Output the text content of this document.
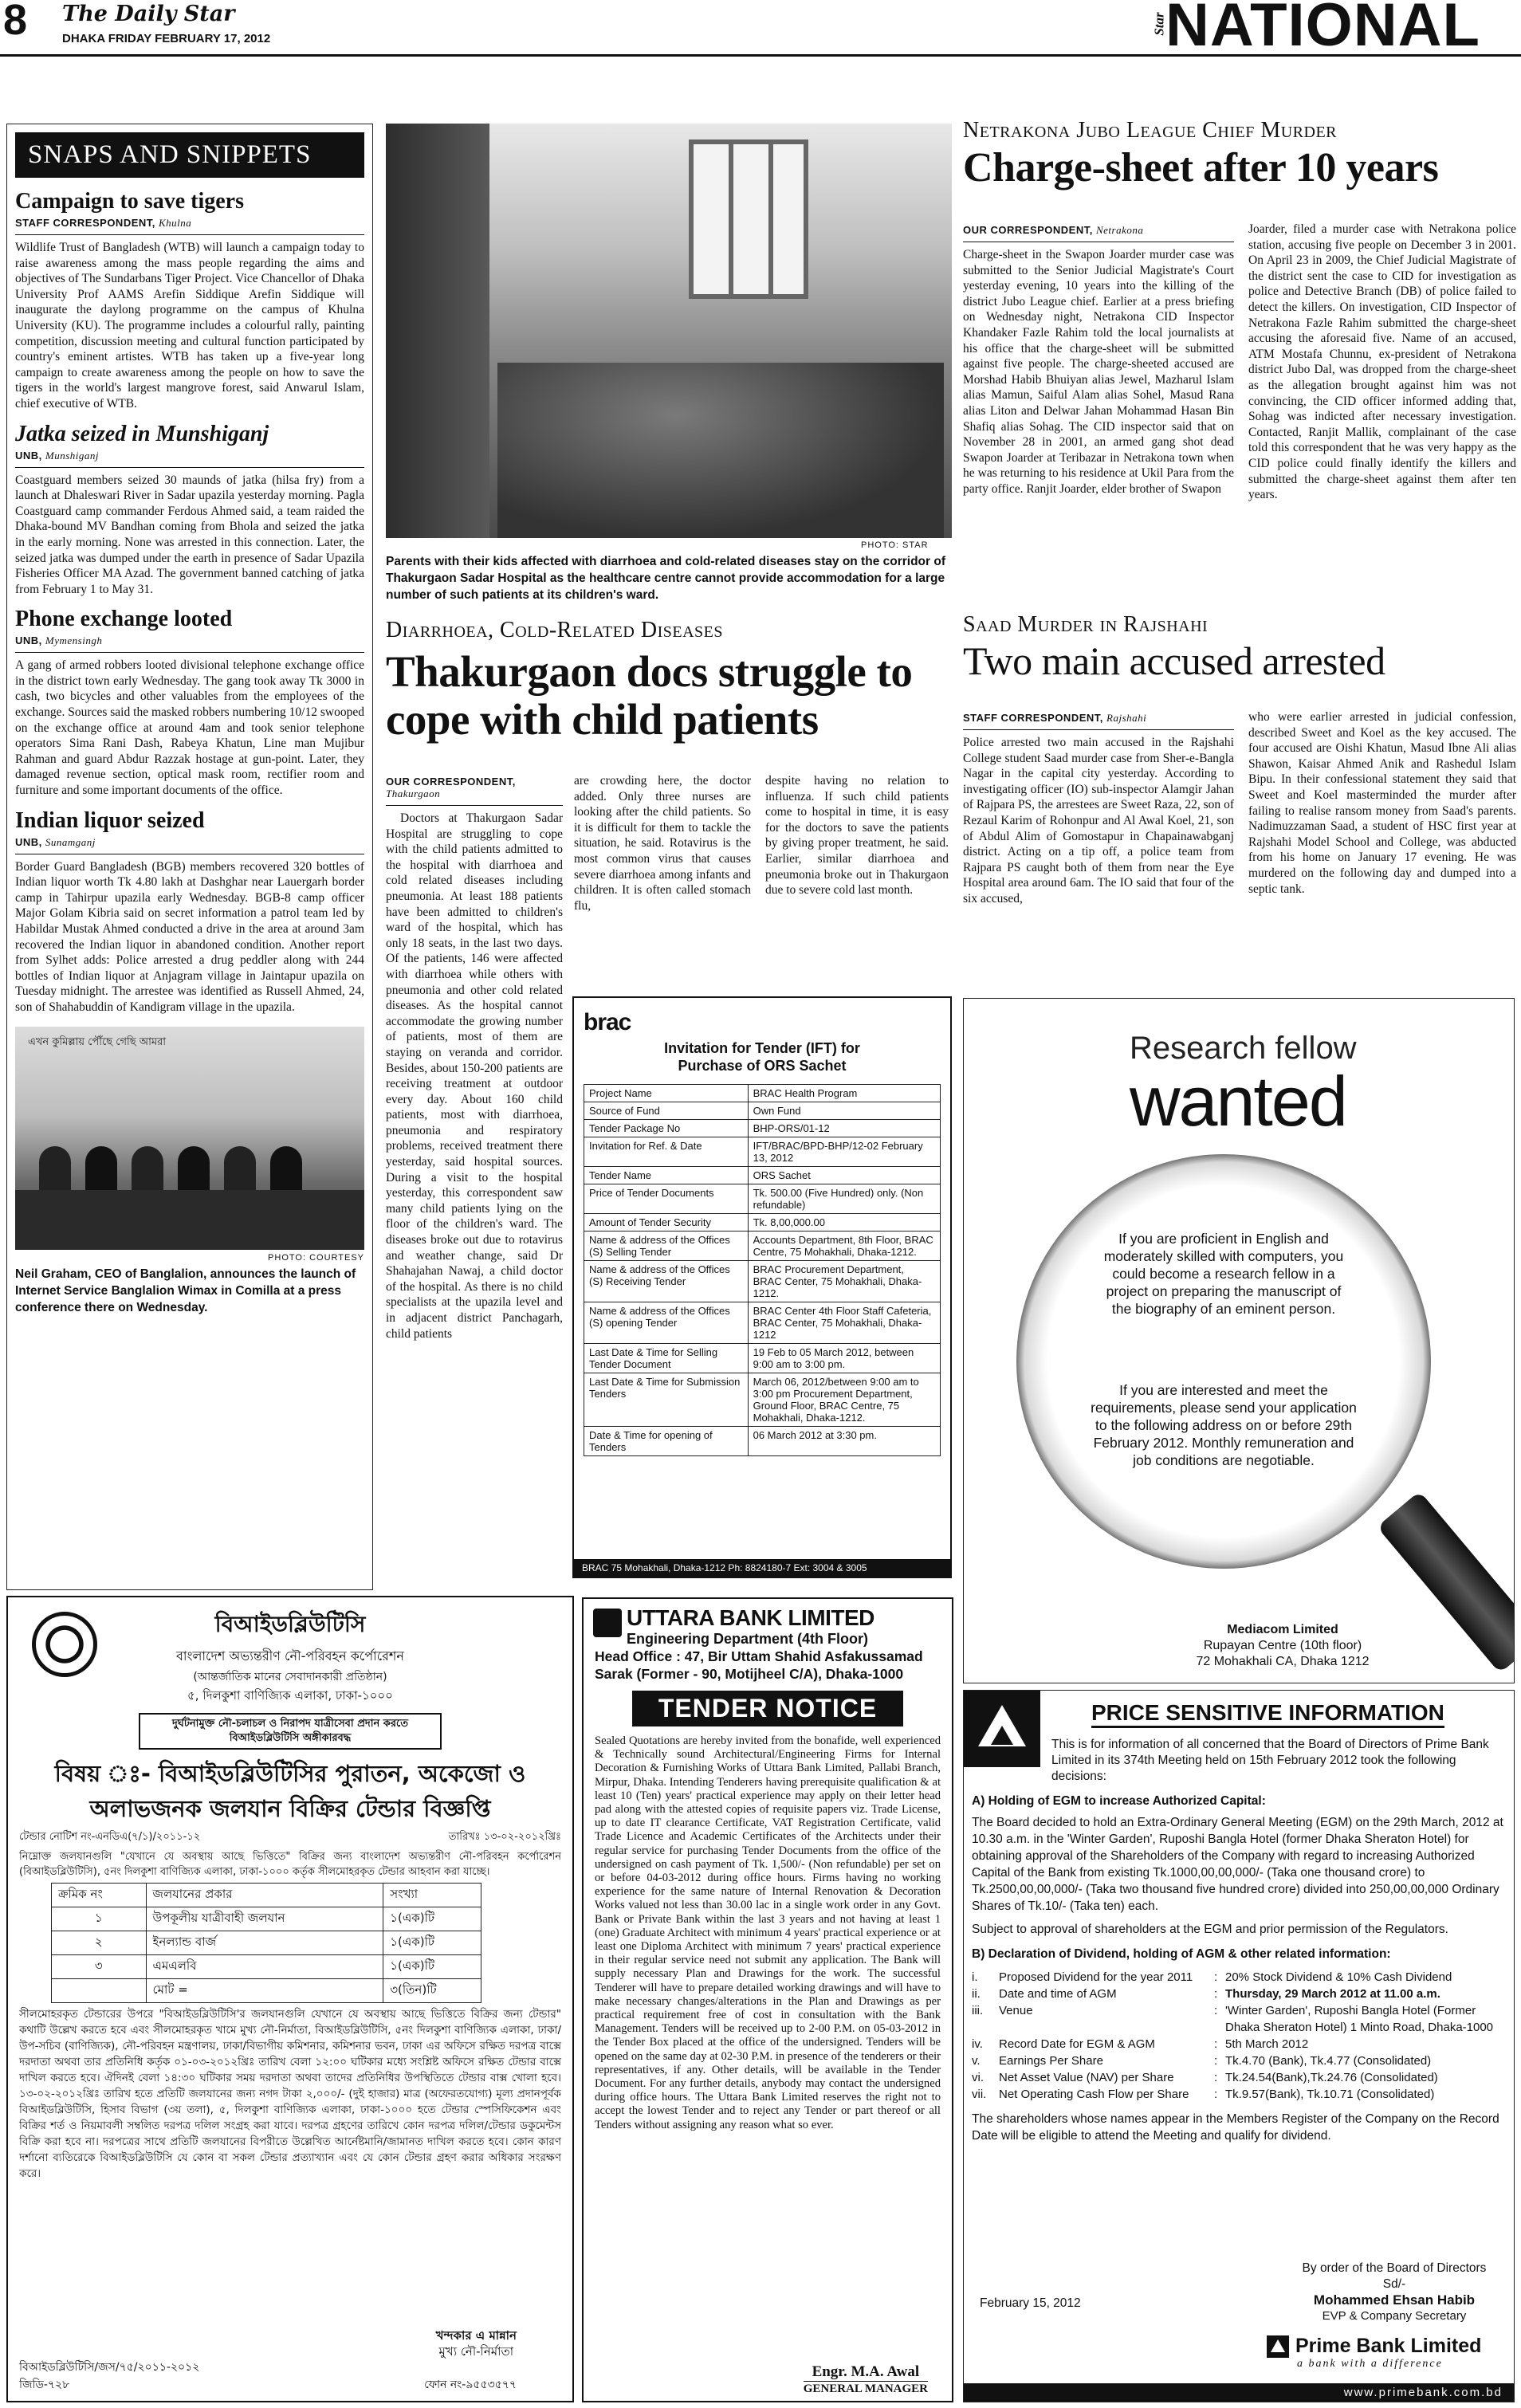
8 The Daily Star
DHAKA FRIDAY FEBRUARY 17, 2012
Star
NATIONAL
SNAPS AND SNIPPETS
Campaign to save tigers
STAFF CORRESPONDENT, Khulna

Wildlife Trust of Bangladesh (WTB) will launch a campaign today to raise awareness among the mass people regarding the aims and objectives of The Sundarbans Tiger Project. Vice Chancellor of Dhaka University Prof AAMS Arefin Siddique Arefin Siddique will inaugurate the daylong programme on the campus of Khulna University (KU). The programme includes a colourful rally, painting competition, discussion meeting and cultural function participated by country's eminent artistes. WTB has taken up a five-year long campaign to create awareness among the people on how to save the tigers in the world's largest mangrove forest, said Anwarul Islam, chief executive of WTB.

Jatka seized in Munshiganj
UNB, Munshiganj

Coastguard members seized 30 maunds of jatka (hilsa fry) from a launch at Dhaleswari River in Sadar upazila yesterday morning. Pagla Coastguard camp commander Ferdous Ahmed said, a team raided the Dhaka-bound MV Bandhan coming from Bhola and seized the jatka in the early morning. None was arrested in this connection. Later, the seized jatka was dumped under the earth in presence of Sadar Upazila Fisheries Officer MA Azad. The government banned catching of jatka from February 1 to May 31.

Phone exchange looted
UNB, Mymensingh

A gang of armed robbers looted divisional telephone exchange office in the district town early Wednesday. The gang took away Tk 3000 in cash, two bicycles and other valuables from the employees of the exchange. Sources said the masked robbers numbering 10/12 swooped on the exchange office at around 4am and took senior telephone operators Sima Rani Dash, Rabeya Khatun, Line man Mujibur Rahman and guard Abdur Razzak hostage at gun-point. Later, they damaged revenue section, optical mask room, rectifier room and furniture and some important documents of the office.

Indian liquor seized
UNB, Sunamganj

Border Guard Bangladesh (BGB) members recovered 320 bottles of Indian liquor worth Tk 4.80 lakh at Dashghar near Lauergarh border camp in Tahirpur upazila early Wednesday. BGB-8 camp officer Major Golam Kibria said on secret information a patrol team led by Habildar Mustak Ahmed conducted a drive in the area at around 3am recovered the Indian liquor in abandoned condition. Another report from Sylhet adds: Police arrested a drug peddler along with 244 bottles of Indian liquor at Anjagram village in Jaintapur upazila on Tuesday midnight. The arrestee was identified as Russell Ahmed, 24, son of Shahabuddin of Kandigram village in the upazila.

এখন কুমিল্লায় পৌঁছে গেছি আমরা
PHOTO: COURTESY
Neil Graham, CEO of Banglalion, announces the launch of Internet Service Banglalion Wimax in Comilla at a press conference there on Wednesday.
PHOTO: STAR
Parents with their kids affected with diarrhoea and cold-related diseases stay on the corridor of Thakurgaon Sadar Hospital as the healthcare centre cannot provide accommodation for a large number of such patients at its children's ward.
Diarrhoea, Cold-Related Diseases
Thakurgaon docs struggle to cope with child patients
OUR CORRESPONDENT,
Thakurgaon

Doctors at Thakurgaon Sadar Hospital are struggling to cope with the child patients admitted to the hospital with diarrhoea and cold related diseases including pneumonia. At least 188 patients have been admitted to children's ward of the hospital, which has only 18 seats, in the last two days. Of the patients, 146 were affected with diarrhoea while others with pneumonia and other cold related diseases. As the hospital cannot accommodate the growing number of patients, most of them are staying on veranda and corridor. Besides, about 150-200 patients are receiving treatment at outdoor every day. About 160 child patients, most with diarrhoea, pneumonia and respiratory problems, received treatment there yesterday, said hospital sources. During a visit to the hospital yesterday, this correspondent saw many child patients lying on the floor of the children's ward. The diseases broke out due to rotavirus and weather change, said Dr Shahajahan Nawaj, a child doctor of the hospital. As there is no child specialists at the upazila level and in adjacent district Panchagarh, child patients

are crowding here, the doctor added. Only three nurses are looking after the child patients. So it is difficult for them to tackle the situation, he said. Rotavirus is the most common virus that causes severe diarrhoea among infants and children. It is often called stomach flu,

despite having no relation to influenza. If such child patients come to hospital in time, it is easy for the doctors to save the patients by giving proper treatment, he said. Earlier, similar diarrhoea and pneumonia broke out in Thakurgaon due to severe cold last month.

Netrakona Jubo League Chief Murder
Charge-sheet after 10 years
OUR CORRESPONDENT, Netrakona

Charge-sheet in the Swapon Joarder murder case was submitted to the Senior Judicial Magistrate's Court yesterday evening, 10 years into the killing of the district Jubo League chief. Earlier at a press briefing on Wednesday night, Netrakona CID Inspector Khandaker Fazle Rahim told the local journalists at his office that the charge-sheet will be submitted against five people. The charge-sheeted accused are Morshad Habib Bhuiyan alias Jewel, Mazharul Islam alias Mamun, Saiful Alam alias Sohel, Masud Rana alias Liton and Delwar Jahan Mohammad Hasan Bin Shafiq alias Sohag. The CID inspector said that on November 28 in 2001, an armed gang shot dead Swapon Joarder at Teribazar in Netrakona town when he was returning to his residence at Ukil Para from the party office. Ranjit Joarder, elder brother of Swapon

Joarder, filed a murder case with Netrakona police station, accusing five people on December 3 in 2001. On April 23 in 2009, the Chief Judicial Magistrate of the district sent the case to CID for investigation as police and Detective Branch (DB) of police failed to detect the killers. On investigation, CID Inspector of Netrakona Fazle Rahim submitted the charge-sheet accusing the aforesaid five. Name of an accused, ATM Mostafa Chunnu, ex-president of Netrakona district Jubo Dal, was dropped from the charge-sheet as the allegation brought against him was not convincing, the CID officer informed adding that, Sohag was indicted after necessary investigation. Contacted, Ranjit Mallik, complainant of the case told this correspondent that he was very happy as the CID police could finally identify the killers and submitted the charge-sheet against them after ten years.

Saad Murder in Rajshahi
Two main accused arrested
STAFF CORRESPONDENT, Rajshahi

Police arrested two main accused in the Rajshahi College student Saad murder case from Sher-e-Bangla Nagar in the capital city yesterday. According to investigating officer (IO) sub-inspector Alamgir Jahan of Rajpara PS, the arrestees are Sweet Raza, 22, son of Rezaul Karim of Rohonpur and Al Awal Koel, 21, son of Abdul Alim of Gomostapur in Chapainawabganj district. Acting on a tip off, a police team from Rajpara PS caught both of them from near the Eye Hospital area around 6am. The IO said that four of the six accused,

who were earlier arrested in judicial confession, described Sweet and Koel as the key accused. The four accused are Oishi Khatun, Masud Ibne Ali alias Shawon, Kaisar Ahmed Anik and Rashedul Islam Bipu. In their confessional statement they said that Sweet and Koel masterminded the murder after failing to realise ransom money from Saad's parents. Nadimuzzaman Saad, a student of HSC first year at Rajshahi Model School and College, was abducted from his home on January 17 evening. He was murdered on the following day and dumped into a septic tank.

brac
Invitation for Tender (IFT) for Purchase of ORS Sachet
Project Name	BRAC Health Program
Source of Fund	Own Fund
Tender Package No	BHP-ORS/01-12
Invitation for Ref. & Date	IFT/BRAC/BPD-BHP/12-02 February 13, 2012
Tender Name	ORS Sachet
Price of Tender Documents	Tk. 500.00 (Five Hundred) only. (Non refundable)
Amount of Tender Security	Tk. 8,00,000.00
Name & address of the Offices (S) Selling Tender	Accounts Department, 8th Floor, BRAC Centre, 75 Mohakhali, Dhaka-1212.
Name & address of the Offices (S) Receiving Tender	BRAC Procurement Department, BRAC Center, 75 Mohakhali, Dhaka-1212.
Name & address of the Offices (S) opening Tender	BRAC Center 4th Floor Staff Cafeteria, BRAC Center, 75 Mohakhali, Dhaka-1212
Last Date & Time for Selling Tender Document	19 Feb to 05 March 2012, between 9:00 am to 3:00 pm.
Last Date & Time for Submission Tenders	March 06, 2012/between 9:00 am to 3:00 pm Procurement Department, Ground Floor, BRAC Centre, 75 Mohakhali, Dhaka-1212.
Date & Time for opening of Tenders	06 March 2012 at 3:30 pm.
BRAC 75 Mohakhali, Dhaka-1212 Ph: 8824180-7 Ext: 3004 & 3005
Research fellow
wanted
If you are proficient in English and moderately skilled with computers, you could become a research fellow in a project on preparing the manuscript of the biography of an eminent person.
If you are interested and meet the requirements, please send your application to the following address on or before 29th February 2012. Monthly remuneration and job conditions are negotiable.
Mediacom Limited
Rupayan Centre (10th floor)
72 Mohakhali CA, Dhaka 1212
বিআইডব্লিউটিসি
বাংলাদেশ অভ্যন্তরীণ নৌ-পরিবহন কর্পোরেশন
(আন্তর্জাতিক মানের সেবাদানকারী প্রতিষ্ঠান)
৫, দিলকুশা বাণিজ্যিক এলাকা, ঢাকা-১০০০
দুর্ঘটনামুক্ত নৌ-চলাচল ও নিরাপদ যাত্রীসেবা প্রদান করতে বিআইডব্লিউটিসি অঙ্গীকারবদ্ধ
বিষয় ঃ- বিআইডব্লিউটিসির পুরাতন, অকেজো ও অলাভজনক জলযান বিক্রির টেন্ডার বিজ্ঞপ্তি
টেন্ডার নোটিশ নং-এনডিএ(৭/১)/২০১১-১২	তারিখঃ ১৩-০২-২০১২খ্রিঃ
নিম্নোক্ত জলযানগুলি "যেখানে যে অবস্থায় আছে ভিত্তিতে" বিক্রির জন্য বাংলাদেশ অভ্যন্তরীণ নৌ-পরিবহন কর্পোরেশন (বিআইডব্লিউটিসি), ৫নং দিলকুশা বাণিজ্যিক এলাকা, ঢাকা-১০০০ কর্তৃক সীলমোহরকৃত টেন্ডার আহবান করা যাচ্ছে।
ক্রমিক নং	জলযানের প্রকার	সংখ্যা
১	উপকূলীয় যাত্রীবাহী জলযান	১(এক)টি
২	ইনল্যান্ড বার্জ	১(এক)টি
৩	এমএলবি	১(এক)টি
	মোট =	৩(তিন)টি
সীলমোহরকৃত টেন্ডারের উপরে "বিআইডব্লিউটিসি'র জলযানগুলি যেখানে যে অবস্থায় আছে ভিত্তিতে বিক্রির জন্য টেন্ডার" কথাটি উল্লেখ করতে হবে এবং সীলমোহরকৃত খামে মুখ্য নৌ-নির্মাতা, বিআইডব্লিউটিসি, ৫নং দিলকুশা বাণিজ্যিক এলাকা, ঢাকা/উপ-সচিব (বাণিজ্যিক), নৌ-পরিবহন মন্ত্রণালয়, ঢাকা/বিভাগীয় কমিশনার, কমিশনার ভবন, ঢাকা এর অফিসে রক্ষিত দরপত্র বাক্সে দরদাতা অথবা তার প্রতিনিধি কর্তৃক ০১-০৩-২০১২খ্রিঃ তারিখ বেলা ১২:০০ ঘটিকার মধ্যে সংশ্লিষ্ট অফিসে রক্ষিত টেন্ডার বাক্সে দাখিল করতে হবে। ঐদিনই বেলা ১৪:৩০ ঘটিকার সময় দরদাতা অথবা তাদের প্রতিনিধির উপস্থিতিতে টেন্ডার বাক্স খোলা হবে। ১৩-০২-২০১২খ্রিঃ তারিখ হতে প্রতিটি জলযানের জন্য নগদ টাকা ২,০০০/- (দুই হাজার) মাত্র (অফেরতযোগ্য) মূল্য প্রদানপূর্বক বিআইডব্লিউটিসি, হিসাব বিভাগ (৩য় তলা), ৫, দিলকুশা বাণিজ্যিক এলাকা, ঢাকা-১০০০ হতে টেন্ডার স্পেসিফিকেশন এবং বিক্রির শর্ত ও নিয়মাবলী সম্বলিত দরপত্র দলিল সংগ্রহ করা যাবে। দরপত্র গ্রহণের তারিখে কোন দরপত্র দলিল/টেন্ডার ডকুমেন্টস বিক্রি করা হবে না। দরপত্রের সাথে প্রতিটি জলযানের বিপরীতে উল্লেখিত আর্নেষ্টমানি/জামানত দাখিল করতে হবে। কোন কারণ দর্শানো ব্যতিরেকে বিআইডব্লিউটিসি যে কোন বা সকল টেন্ডার প্রত্যাখ্যান এবং যে কোন টেন্ডার গ্রহণ করার অধিকার সংরক্ষণ করে।
খন্দকার এ মান্নান
মুখ্য নৌ-নির্মাতা
বিআইডব্লিউটিসি/জস/৭৫/২০১১-২০১২
জিডি-৭২৮	ফোন নং-৯৫৫৩৫৭৭
UTTARA BANK LIMITED
Engineering Department (4th Floor)
Head Office : 47, Bir Uttam Shahid Asfakussamad Sarak (Former - 90, Motijheel C/A), Dhaka-1000
TENDER NOTICE
Sealed Quotations are hereby invited from the bonafide, well experienced & Technically sound Architectural/Engineering Firms for Internal Decoration & Furnishing Works of Uttara Bank Limited, Pallabi Branch, Mirpur, Dhaka. Intending Tenderers having prerequisite qualification & at least 10 (Ten) years' practical experience may apply on their letter head pad along with the attested copies of requisite papers viz. Trade License, up to date IT clearance Certificate, VAT Registration Certificate, valid Trade Licence and Academic Certificates of the Architects under their regular service for purchasing Tender Documents from the office of the undersigned on cash payment of Tk. 1,500/- (Non refundable) per set on or before 04-03-2012 during office hours. Firms having no working experience for the same nature of Internal Renovation & Decoration Works valued not less than 30.00 lac in a single work order in any Govt. Bank or Private Bank within the last 3 years and not having at least 1 (one) Graduate Architect with minimum 4 years' practical experience or at least one Diploma Architect with minimum 7 years' practical experience in their regular service need not submit any application. The Bank will supply necessary Plan and Drawings for the work. The successful Tenderer will have to prepare detailed working drawings and will have to make necessary changes/alterations in the Plan and Drawings as per practical requirement free of cost in consultation with the Bank Management. Tenders will be received up to 2-00 P.M. on 05-03-2012 in the Tender Box placed at the office of the undersigned. Tenders will be opened on the same day at 02-30 P.M. in presence of the tenderers or their representatives, if any. Other details, will be available in the Tender Document. For any further details, anybody may contact the undersigned during office hours. The Uttara Bank Limited reserves the right not to accept the lowest Tender and to reject any Tender or part thereof or all Tenders without assigning any reason what so ever.
Engr. M.A. Awal
GENERAL MANAGER
PRICE SENSITIVE INFORMATION
This is for information of all concerned that the Board of Directors of Prime Bank Limited in its 374th Meeting held on 15th February 2012 took the following decisions:
A) Holding of EGM to increase Authorized Capital:
The Board decided to hold an Extra-Ordinary General Meeting (EGM) on the 29th March, 2012 at 10.30 a.m. in the 'Winter Garden', Ruposhi Bangla Hotel (former Dhaka Sheraton Hotel) for obtaining approval of the Shareholders of the Company with regard to increasing Authorized Capital of the Bank from existing Tk.1000,00,00,000/- (Taka one thousand crore) to Tk.2500,00,00,000/- (Taka two thousand five hundred crore) divided into 250,00,00,000 Ordinary Shares of Tk.10/- (Taka ten) each.
Subject to approval of shareholders at the EGM and prior permission of the Regulators.
B) Declaration of Dividend, holding of AGM & other related information:
i.	Proposed Dividend for the year 2011	: 20% Stock Dividend & 10% Cash Dividend
ii.	Date and time of AGM	: Thursday, 29 March 2012 at 11.00 a.m.
iii.	Venue	: 'Winter Garden', Ruposhi Bangla Hotel (Former Dhaka Sheraton Hotel) 1 Minto Road, Dhaka-1000
iv.	Record Date for EGM & AGM	: 5th March 2012
v.	Earnings Per Share	: Tk.4.70 (Bank), Tk.4.77 (Consolidated)
vi.	Net Asset Value (NAV) per Share	: Tk.24.54(Bank),Tk.24.76 (Consolidated)
vii.	Net Operating Cash Flow per Share	: Tk.9.57(Bank), Tk.10.71 (Consolidated)
The shareholders whose names appear in the Members Register of the Company on the Record Date will be eligible to attend the Meeting and qualify for dividend.
By order of the Board of Directors
Sd/-
February 15, 2012	Mohammed Ehsan Habib
EVP & Company Secretary
Prime Bank Limited
a bank with a difference
www.primebank.com.bd
